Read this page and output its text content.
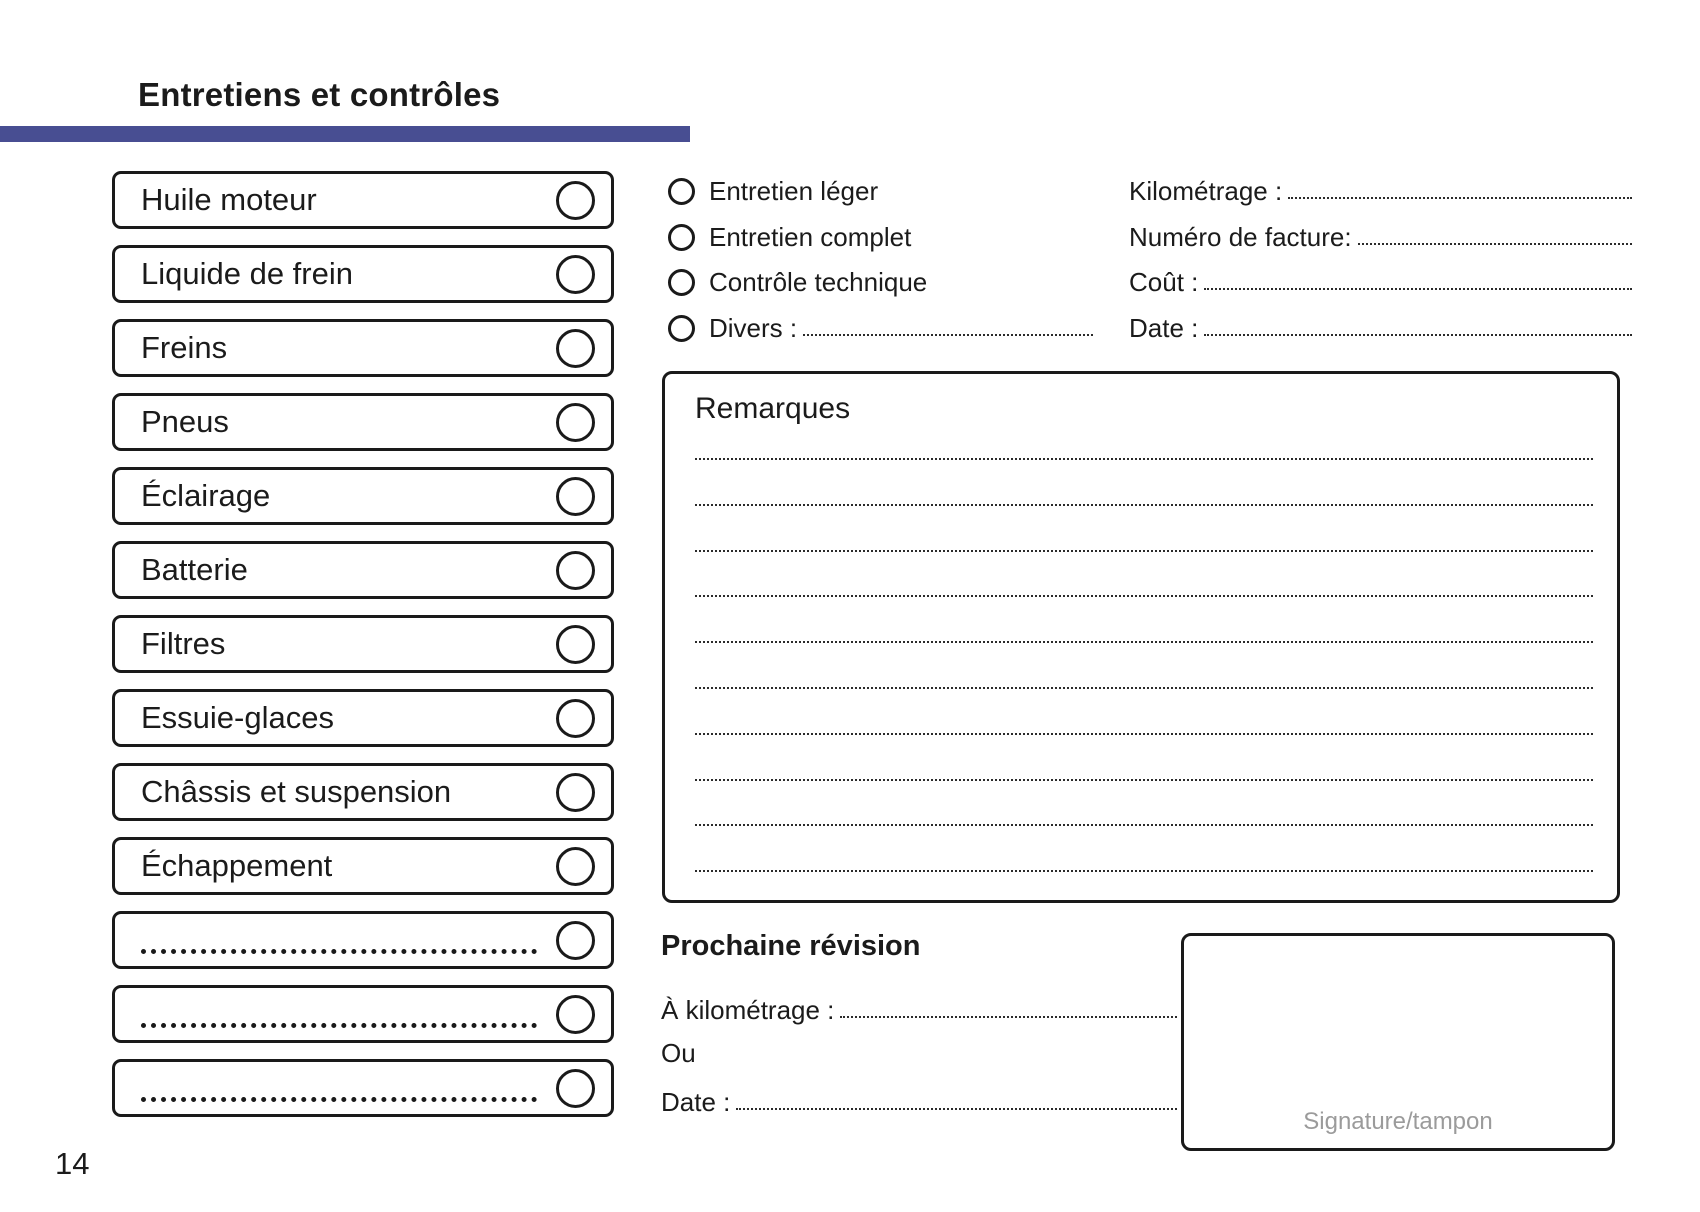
Entretiens et contrôles
Huile moteur
Liquide de frein
Freins
Pneus
Éclairage
Batterie
Filtres
Essuie-glaces
Châssis et suspension
Échappement
Entretien léger
Entretien complet
Contrôle technique
Divers :
Kilométrage :
Numéro de facture:
Coût :
Date :
Remarques
Prochaine révision
À kilométrage :
Ou
Date :
Signature/tampon
14
